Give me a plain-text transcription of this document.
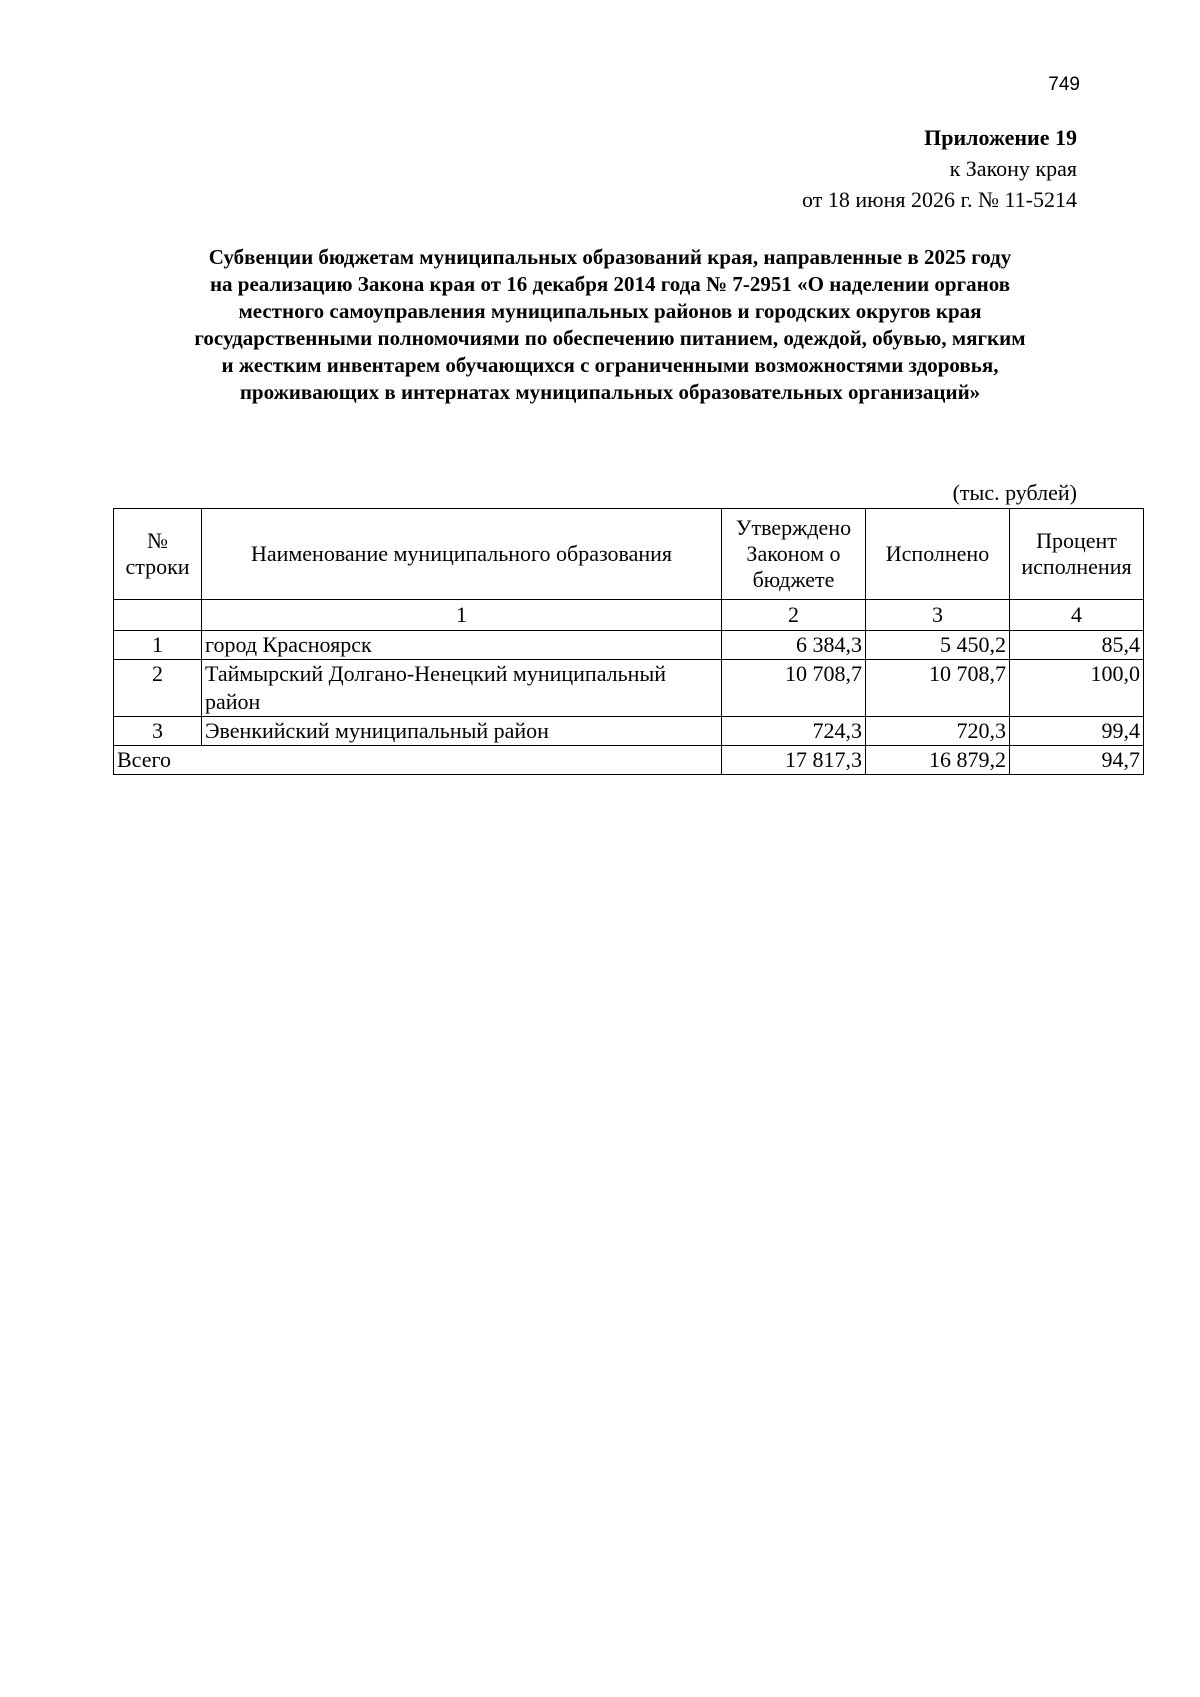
749
Приложение 19
к Закону края
от 18 июня 2026 г. № 11-5214
Субвенции бюджетам муниципальных образований края, направленные в 2025 году
на реализацию Закона края от 16 декабря 2014 года № 7-2951 «О наделении органов
местного самоуправления муниципальных районов и городских округов края
государственными полномочиями по обеспечению питанием, одеждой, обувью, мягким
и жестким инвентарем обучающихся с ограниченными возможностями здоровья,
проживающих в интернатах муниципальных образовательных организаций»
(тыс. рублей)
№ строки	Наименование муниципального образования	Утверждено Законом о бюджете	Исполнено	Процент исполнения
	1	2	3	4
1	город Красноярск	6 384,3	5 450,2	85,4
2	Таймырский Долгано-Ненецкий муниципальный район	10 708,7	10 708,7	100,0
3	Эвенкийский муниципальный район	724,3	720,3	99,4
Всего		17 817,3	16 879,2	94,7
